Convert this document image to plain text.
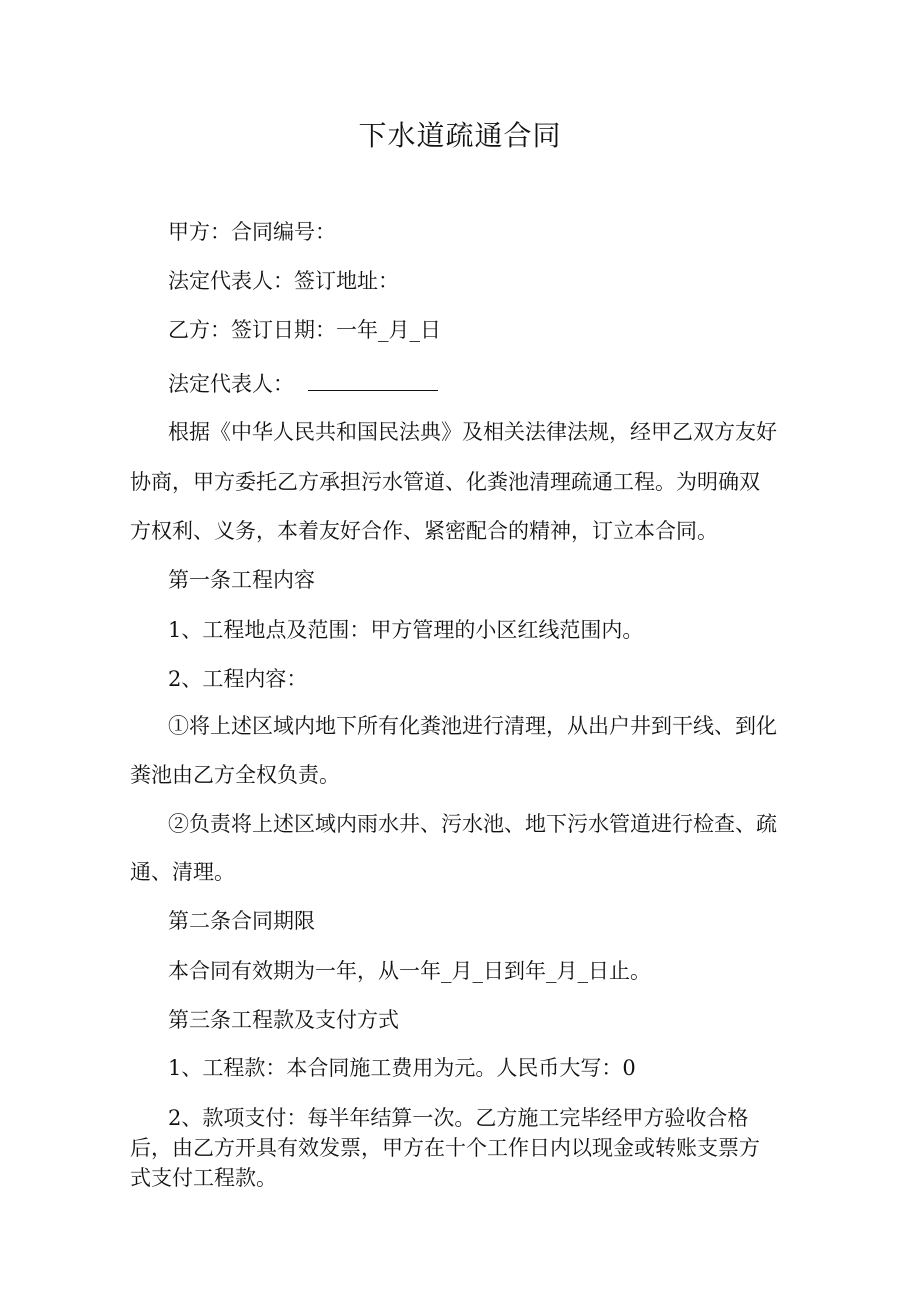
下水道疏通合同
甲方：合同编号：
法定代表人：签订地址：
乙方：签订日期：一年_月_日
法定代表人：
根据《中华人民共和国民法典》及相关法律法规，经甲乙双方友好
协商，甲方委托乙方承担污水管道、化粪池清理疏通工程。为明确双
方权利、义务，本着友好合作、紧密配合的精神，订立本合同。
第一条工程内容
1、工程地点及范围：甲方管理的小区红线范围内。
2、工程内容：
①将上述区域内地下所有化粪池进行清理，从出户井到干线、到化
粪池由乙方全权负责。
②负责将上述区域内雨水井、污水池、地下污水管道进行检查、疏
通、清理。
第二条合同期限
本合同有效期为一年，从一年_月_日到年_月_日止。
第三条工程款及支付方式
1、工程款：本合同施工费用为元。人民币大写：0
2、款项支付：每半年结算一次。乙方施工完毕经甲方验收合格
后，由乙方开具有效发票，甲方在十个工作日内以现金或转账支票方
式支付工程款。
